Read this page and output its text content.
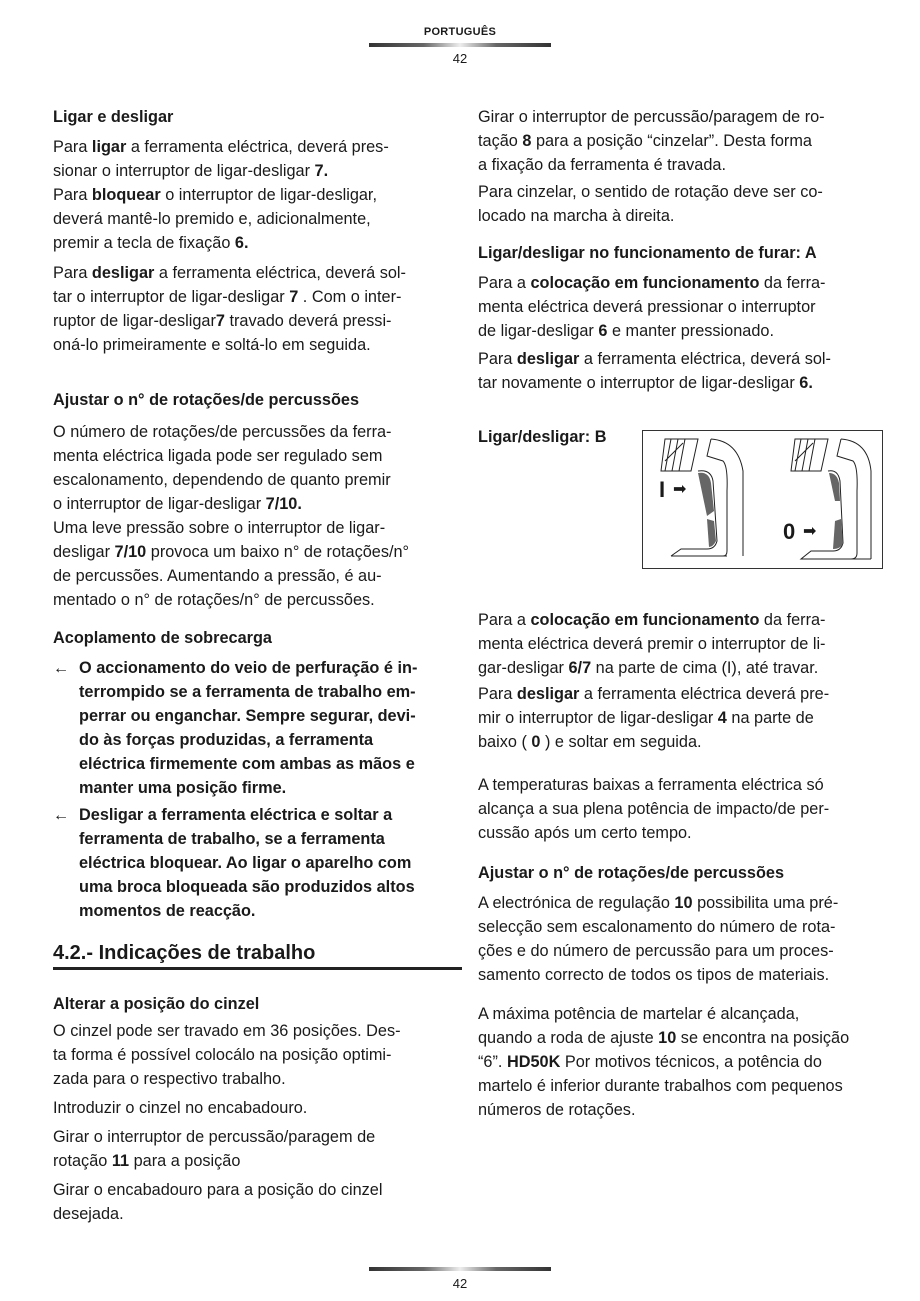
PORTUGUÊS
42
Ligar e desligar
Para ligar a ferramenta eléctrica, deverá pres-
sionar o interruptor de ligar-desligar 7.
Para bloquear o interruptor de ligar-desligar,
deverá mantê-lo premido e, adicionalmente,
premir a tecla de fixação 6.
Para desligar a ferramenta eléctrica, deverá sol-
tar o interruptor de ligar-desligar 7 . Com o inter-
ruptor de ligar-desligar7 travado deverá pressi-
oná-lo primeiramente e soltá-lo em seguida.
Ajustar o n° de rotações/de percussões
O número de rotações/de percussões da ferra-
menta eléctrica ligada pode ser regulado sem
escalonamento, dependendo de quanto premir
o interruptor de ligar-desligar 7/10.
Uma leve pressão sobre o interruptor de ligar-
desligar 7/10 provoca um baixo n° de rotações/n°
de percussões. Aumentando a pressão, é au-
mentado o n° de rotações/n° de percussões.
Acoplamento de sobrecarga
← O accionamento do veio de perfuração é in-
terrompido se a ferramenta de trabalho em-
perrar ou enganchar. Sempre segurar, devi-
do às forças produzidas, a ferramenta
eléctrica firmemente com ambas as mãos e
manter uma posição firme.
← Desligar a ferramenta eléctrica e soltar a
ferramenta de trabalho, se a ferramenta
eléctrica bloquear. Ao ligar o aparelho com
uma broca bloqueada são produzidos altos
momentos de reacção.
4.2.- Indicações de trabalho
Alterar a posição do cinzel
O cinzel pode ser travado em 36 posições. Des-
ta forma é possível colocálo na posição optimi-
zada para o respectivo trabalho.
Introduzir o cinzel no encabadouro.
Girar o interruptor de percussão/paragem de
rotação 11 para a posição
Girar o encabadouro para a posição do cinzel
desejada.
Girar o interruptor de percussão/paragem de ro-
tação 8 para a posição “cinzelar”. Desta forma
a fixação da ferramenta é travada.
Para cinzelar, o sentido de rotação deve ser co-
locado na marcha à direita.
Ligar/desligar no funcionamento de furar: A
Para a colocação em funcionamento da ferra-
menta eléctrica deverá pressionar o interruptor
de ligar-desligar 6 e manter pressionado.
Para desligar a ferramenta eléctrica, deverá sol-
tar novamente o interruptor de ligar-desligar 6.
Ligar/desligar: B
Para a colocação em funcionamento da ferra-
menta eléctrica deverá premir o interruptor de li-
gar-desligar 6/7 na parte de cima (I), até travar.
Para desligar a ferramenta eléctrica deverá pre-
mir o interruptor de ligar-desligar 4 na parte de
baixo ( 0 ) e soltar em seguida.
A temperaturas baixas a ferramenta eléctrica só
alcança a sua plena potência de impacto/de per-
cussão após um certo tempo.
Ajustar o n° de rotações/de percussões
A electrónica de regulação 10 possibilita uma pré-
selecção sem escalonamento do número de rota-
ções e do número de percussão para um proces-
samento correcto de todos os tipos de materiais.
A máxima potência de martelar é alcançada,
quando a roda de ajuste 10 se encontra na posição
“6”. HD50K Por motivos técnicos, a potência do
martelo é inferior durante trabalhos com pequenos
números de rotações.
I ➡
0 ➡
42
